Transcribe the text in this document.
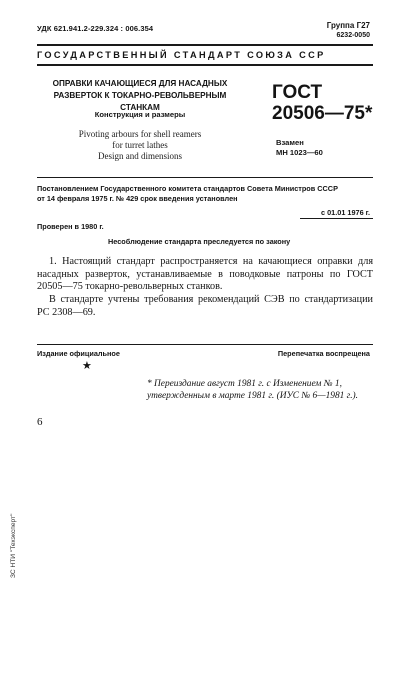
УДК 621.941.2-229.324 : 006.354	Группа Г27
6232-0050
ГОСУДАРСТВЕННЫЙ СТАНДАРТ СОЮЗА ССР
ОПРАВКИ КАЧАЮЩИЕСЯ ДЛЯ НАСАДНЫХ
РАЗВЕРТОК К ТОКАРНО-РЕВОЛЬВЕРНЫМ СТАНКАМ
Конструкция и размеры
Pivoting arbours for shell reamers
for turret lathes
Design and dimensions
ГОСТ
20506—75*
Взамен
МН 1023—60
Постановлением Государственного комитета стандартов Совета Министров СССР
от 14 февраля 1975 г. № 429 срок введения установлен
с 01.01 1976 г.
Проверен в 1980 г.
Несоблюдение стандарта преследуется по закону
1. Настоящий стандарт распространяется на качающиеся оправки для насадных разверток, устанавливаемые в поводковые патроны по ГОСТ 20505—75 токарно-револьверных станков.
В стандарте учтены требования рекомендаций СЭВ по стандартизации РС 2308—69.
Издание официальное	Перепечатка воспрещена
★
* Переиздание август 1981 г. с Изменением № 1,
утвержденным в марте 1981 г. (ИУС № 6—1981 г.).
6
ЗС НТИ "Техэксперт"
